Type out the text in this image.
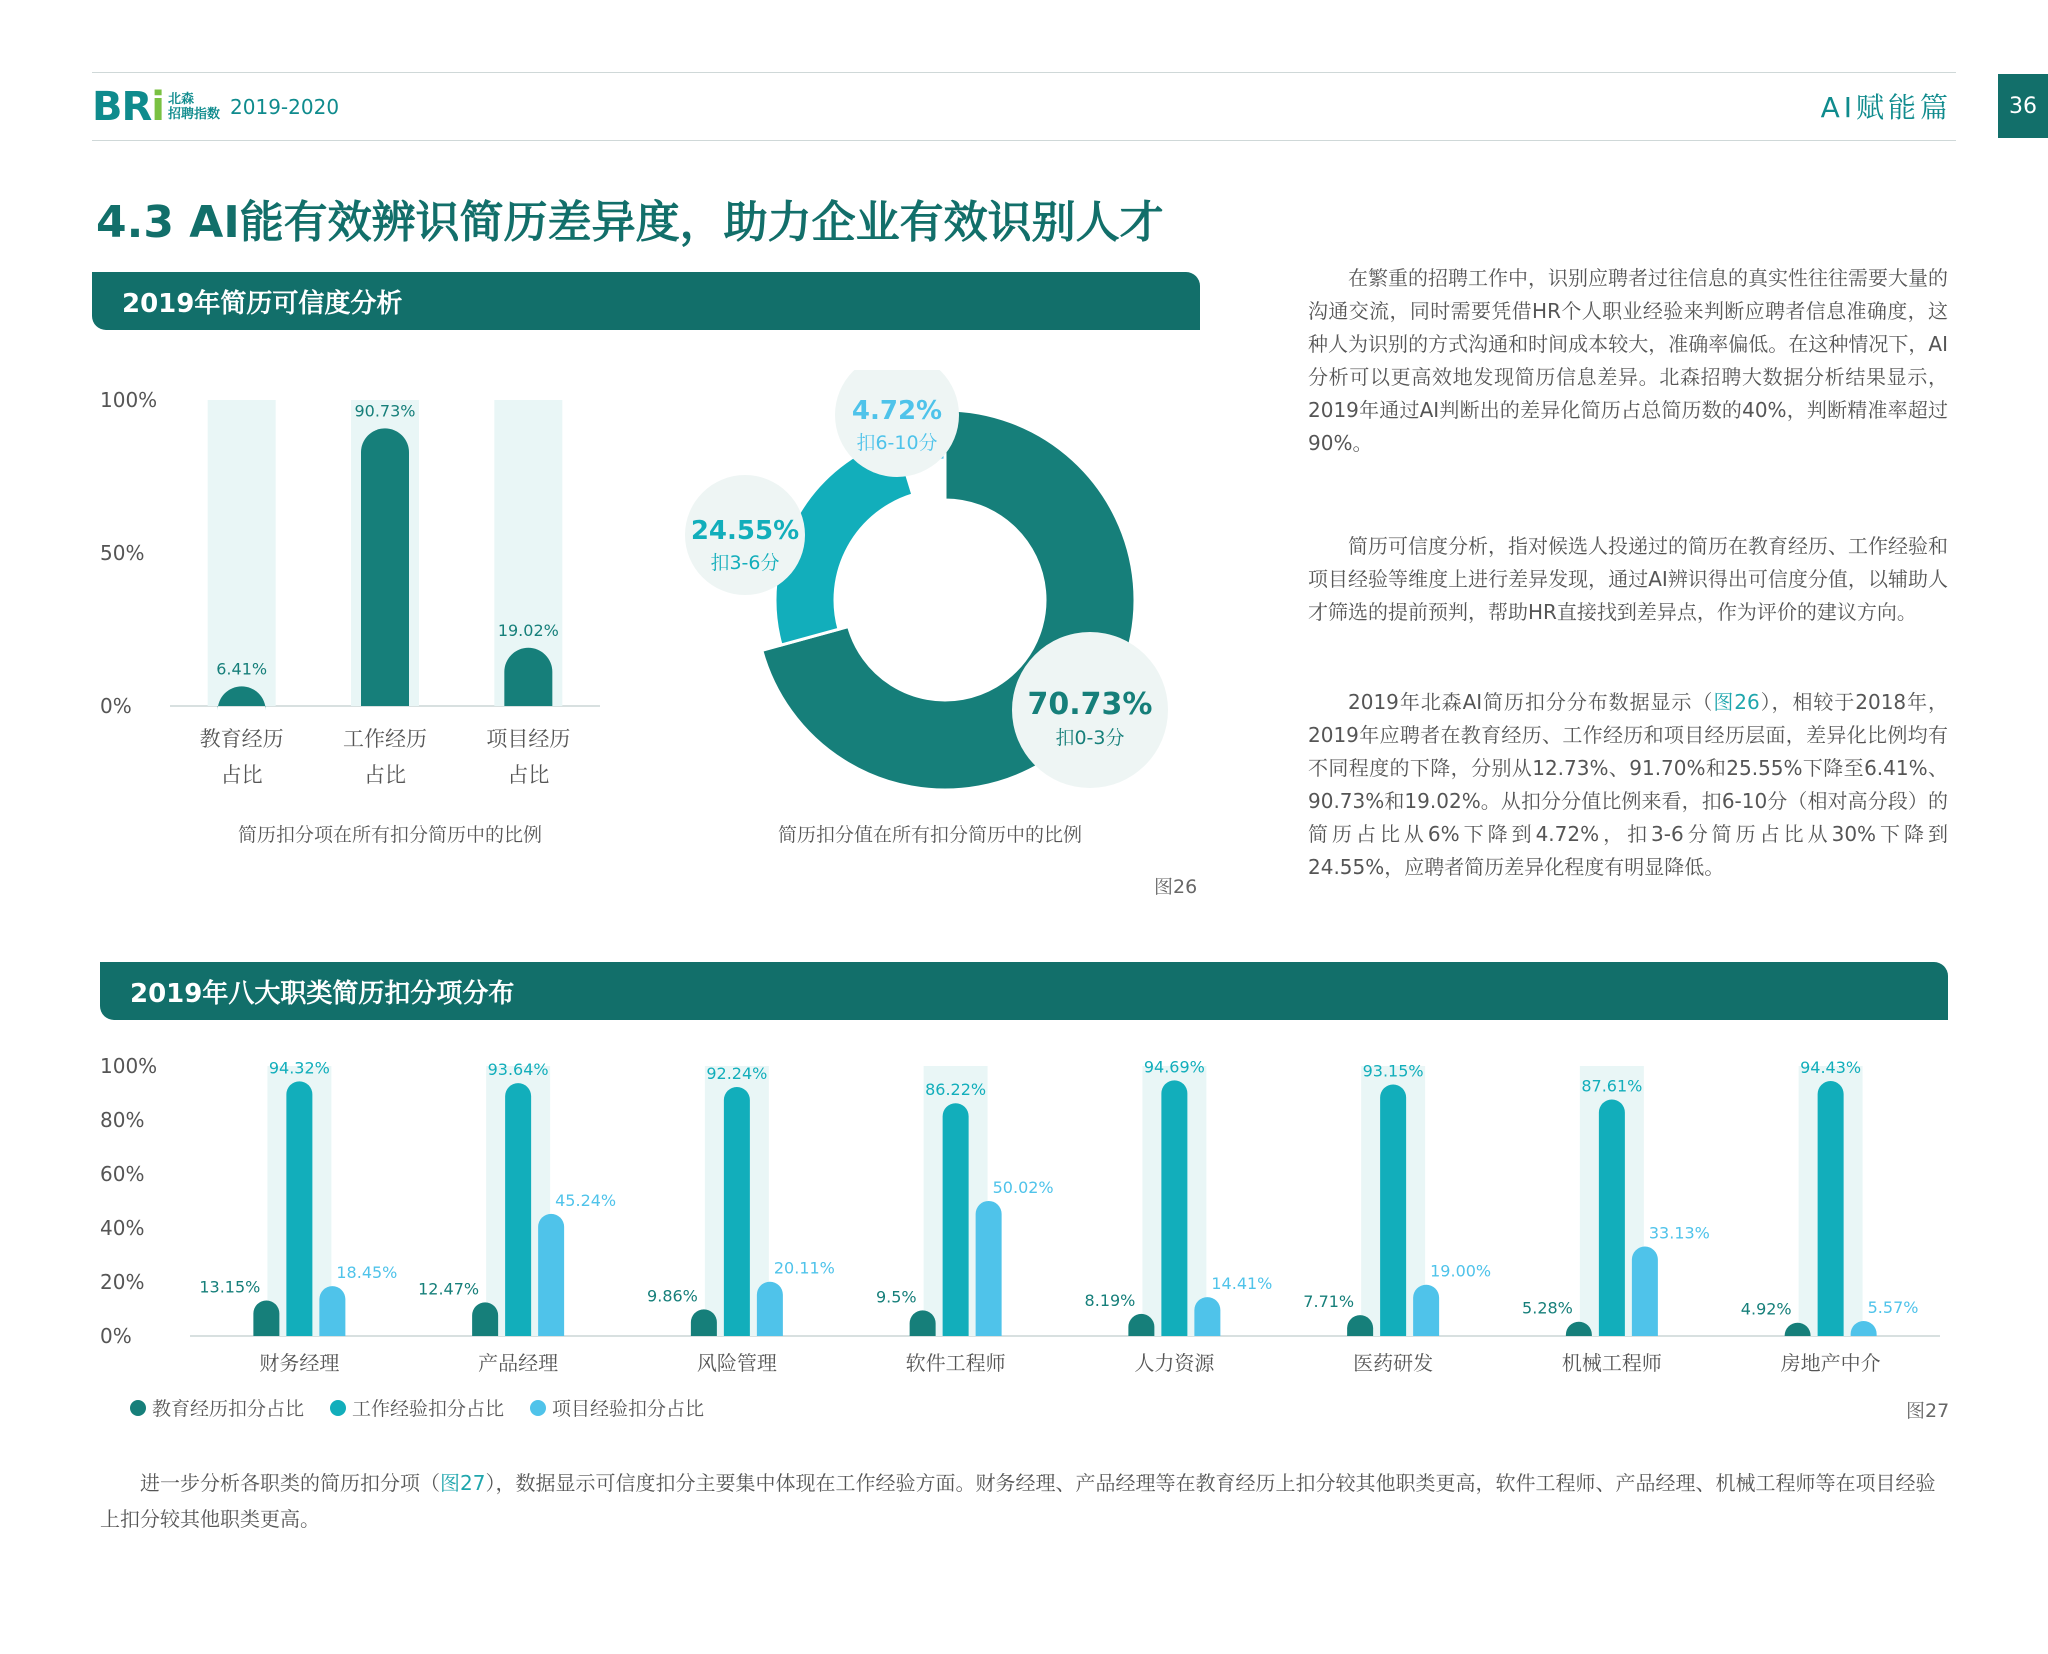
BRi 北森
招聘指数 2019-2020	AI赋能篇	36
4.3 AI能有效辨识简历差异度，助力企业有效识别人才
2019年简历可信度分析
0%
50%
100%
6.41%
教育经历
占比
90.73%
工作经历
占比
19.02%
项目经历
占比
简历扣分项在所有扣分简历中的比例
70.73%
扣0-3分
24.55%
扣3-6分
4.72%
扣6-10分
简历扣分值在所有扣分简历中的比例
图26
在繁重的招聘工作中，识别应聘者过往信息的真实性往往需要大量的沟通交流，同时需要凭借HR个人职业经验来判断应聘者信息准确度，这种人为识别的方式沟通和时间成本较大，准确率偏低。在这种情况下，AI分析可以更高效地发现简历信息差异。北森招聘大数据分析结果显示，2019年通过AI判断出的差异化简历占总简历数的40%，判断精准率超过90%。
简历可信度分析，指对候选人投递过的简历在教育经历、工作经验和项目经验等维度上进行差异发现，通过AI辨识得出可信度分值，以辅助人才筛选的提前预判，帮助HR直接找到差异点，作为评价的建议方向。
2019年北森AI简历扣分分布数据显示（图26），相较于2018年，2019年应聘者在教育经历、工作经历和项目经历层面，差异化比例均有不同程度的下降，分别从12.73%、91.70%和25.55%下降至6.41%、90.73%和19.02%。从扣分分值比例来看，扣6-10分（相对高分段）的简历占比从6%下降到4.72%，扣3-6分简历占比从30%下降到24.55%，应聘者简历差异化程度有明显降低。
2019年八大职类简历扣分项分布
0%
20%
40%
60%
80%
100%
13.15%
94.32%
18.45%
财务经理
12.47%
93.64%
45.24%
产品经理
9.86%
92.24%
20.11%
风险管理
9.5%
86.22%
50.02%
软件工程师
8.19%
94.69%
14.41%
人力资源
7.71%
93.15%
19.00%
医药研发
5.28%
87.61%
33.13%
机械工程师
4.92%
94.43%
5.57%
房地产中介
教育经历扣分占比	工作经验扣分占比	项目经验扣分占比	图27
进一步分析各职类的简历扣分项（图27），数据显示可信度扣分主要集中体现在工作经验方面。财务经理、产品经理等在教育经历上扣分较其他职类更高，软件工程师、产品经理、机械工程师等在项目经验上扣分较其他职类更高。
